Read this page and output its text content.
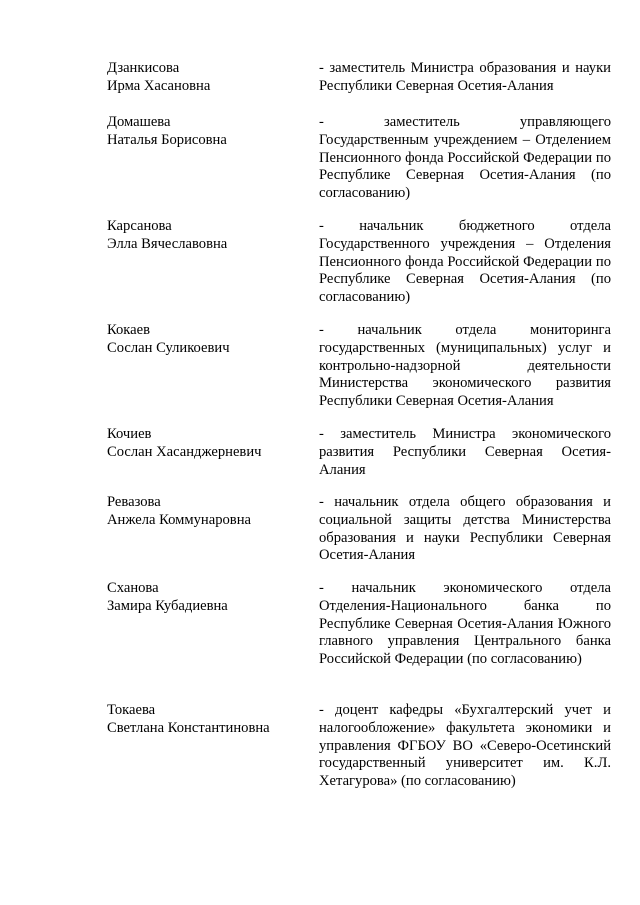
Дзанкисова
Ирма Хасановна
- заместитель Министра образования и науки Республики Северная Осетия-Алания
Домашева
Наталья Борисовна
- заместитель управляющего Государственным учреждением – Отделением Пенсионного фонда Российской Федерации по Республике Северная Осетия-Алания (по согласованию)
Карсанова
Элла Вячеславовна
- начальник бюджетного отдела Государственного учреждения – Отделения Пенсионного фонда Российской Федерации по Республике Северная Осетия-Алания (по согласованию)
Кокаев
Сослан Суликоевич
- начальник отдела мониторинга государственных (муниципальных) услуг и контрольно-надзорной деятельности Министерства экономического развития Республики Северная Осетия-Алания
Кочиев
Сослан Хасанджерневич
- заместитель Министра экономического развития Республики Северная Осетия-Алания
Ревазова
Анжела Коммунаровна
- начальник отдела общего образования и социальной защиты детства Министерства образования и науки Республики Северная Осетия-Алания
Сханова
Замира Кубадиевна
- начальник экономического отдела Отделения-Национального банка по Республике Северная Осетия-Алания Южного главного управления Центрального банка Российской Федерации (по согласованию)
Токаева
Светлана Константиновна
- доцент кафедры «Бухгалтерский учет и налогообложение» факультета экономики и управления ФГБОУ ВО «Северо-Осетинский государственный университет им. К.Л. Хетагурова» (по согласованию)
